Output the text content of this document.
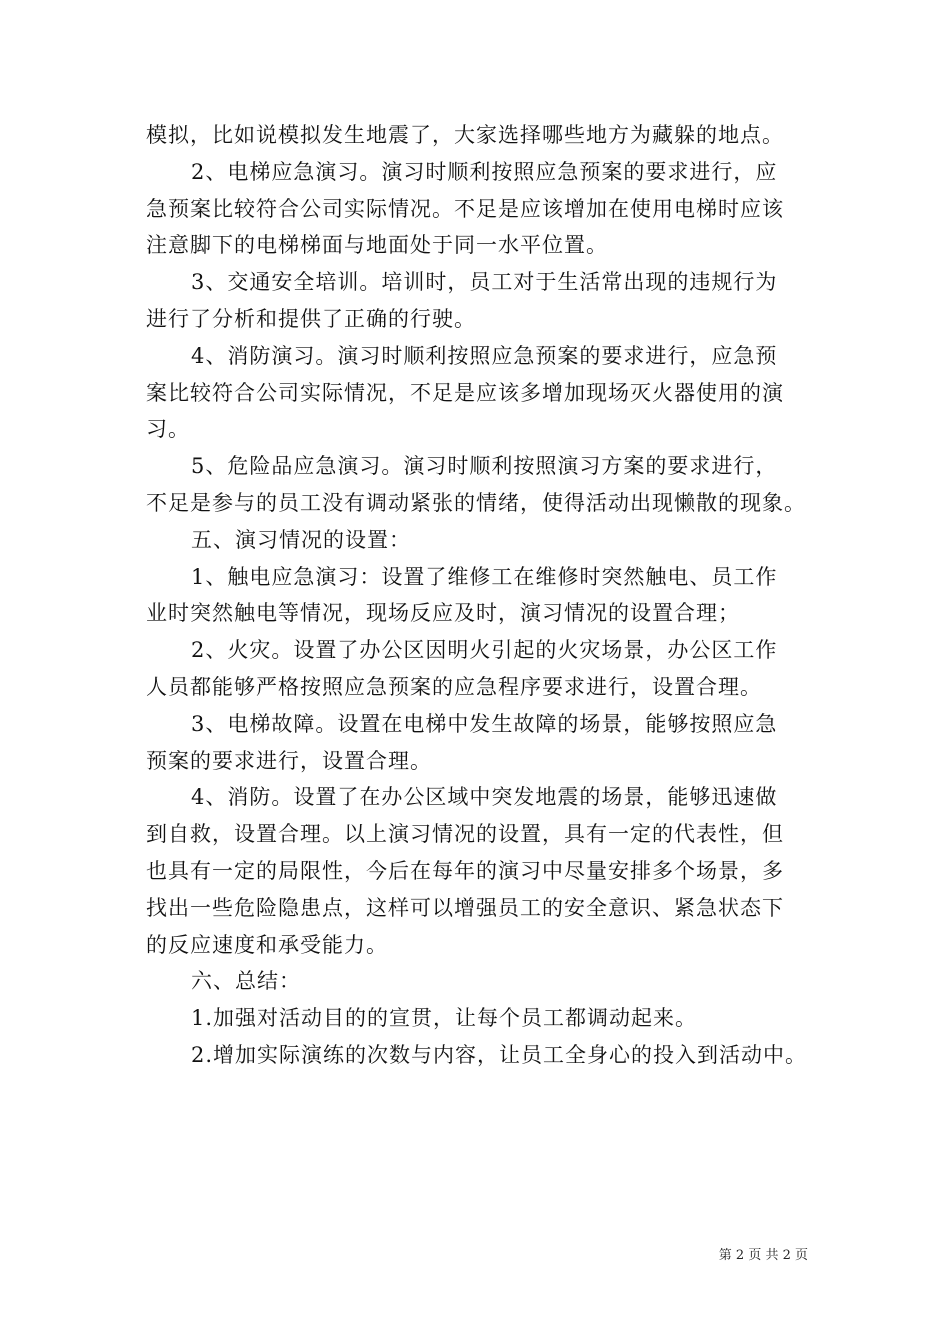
模拟，比如说模拟发生地震了，大家选择哪些地方为藏躲的地点。

2、电梯应急演习。演习时顺利按照应急预案的要求进行，应

急预案比较符合公司实际情况。不足是应该增加在使用电梯时应该

注意脚下的电梯梯面与地面处于同一水平位置。

3、交通安全培训。培训时，员工对于生活常出现的违规行为

进行了分析和提供了正确的行驶。

4、消防演习。演习时顺利按照应急预案的要求进行，应急预

案比较符合公司实际情况，不足是应该多增加现场灭火器使用的演

习。

5、危险品应急演习。演习时顺利按照演习方案的要求进行，

不足是参与的员工没有调动紧张的情绪，使得活动出现懒散的现象。

五、演习情况的设置：

1、触电应急演习：设置了维修工在维修时突然触电、员工作

业时突然触电等情况，现场反应及时，演习情况的设置合理；

2、火灾。设置了办公区因明火引起的火灾场景，办公区工作

人员都能够严格按照应急预案的应急程序要求进行，设置合理。

3、电梯故障。设置在电梯中发生故障的场景，能够按照应急

预案的要求进行，设置合理。

4、消防。设置了在办公区域中突发地震的场景，能够迅速做

到自救，设置合理。以上演习情况的设置，具有一定的代表性，但

也具有一定的局限性，今后在每年的演习中尽量安排多个场景，多

找出一些危险隐患点，这样可以增强员工的安全意识、紧急状态下

的反应速度和承受能力。

六、总结：

1.加强对活动目的的宣贯，让每个员工都调动起来。

2.增加实际演练的次数与内容，让员工全身心的投入到活动中。

第 2 页 共 2 页
